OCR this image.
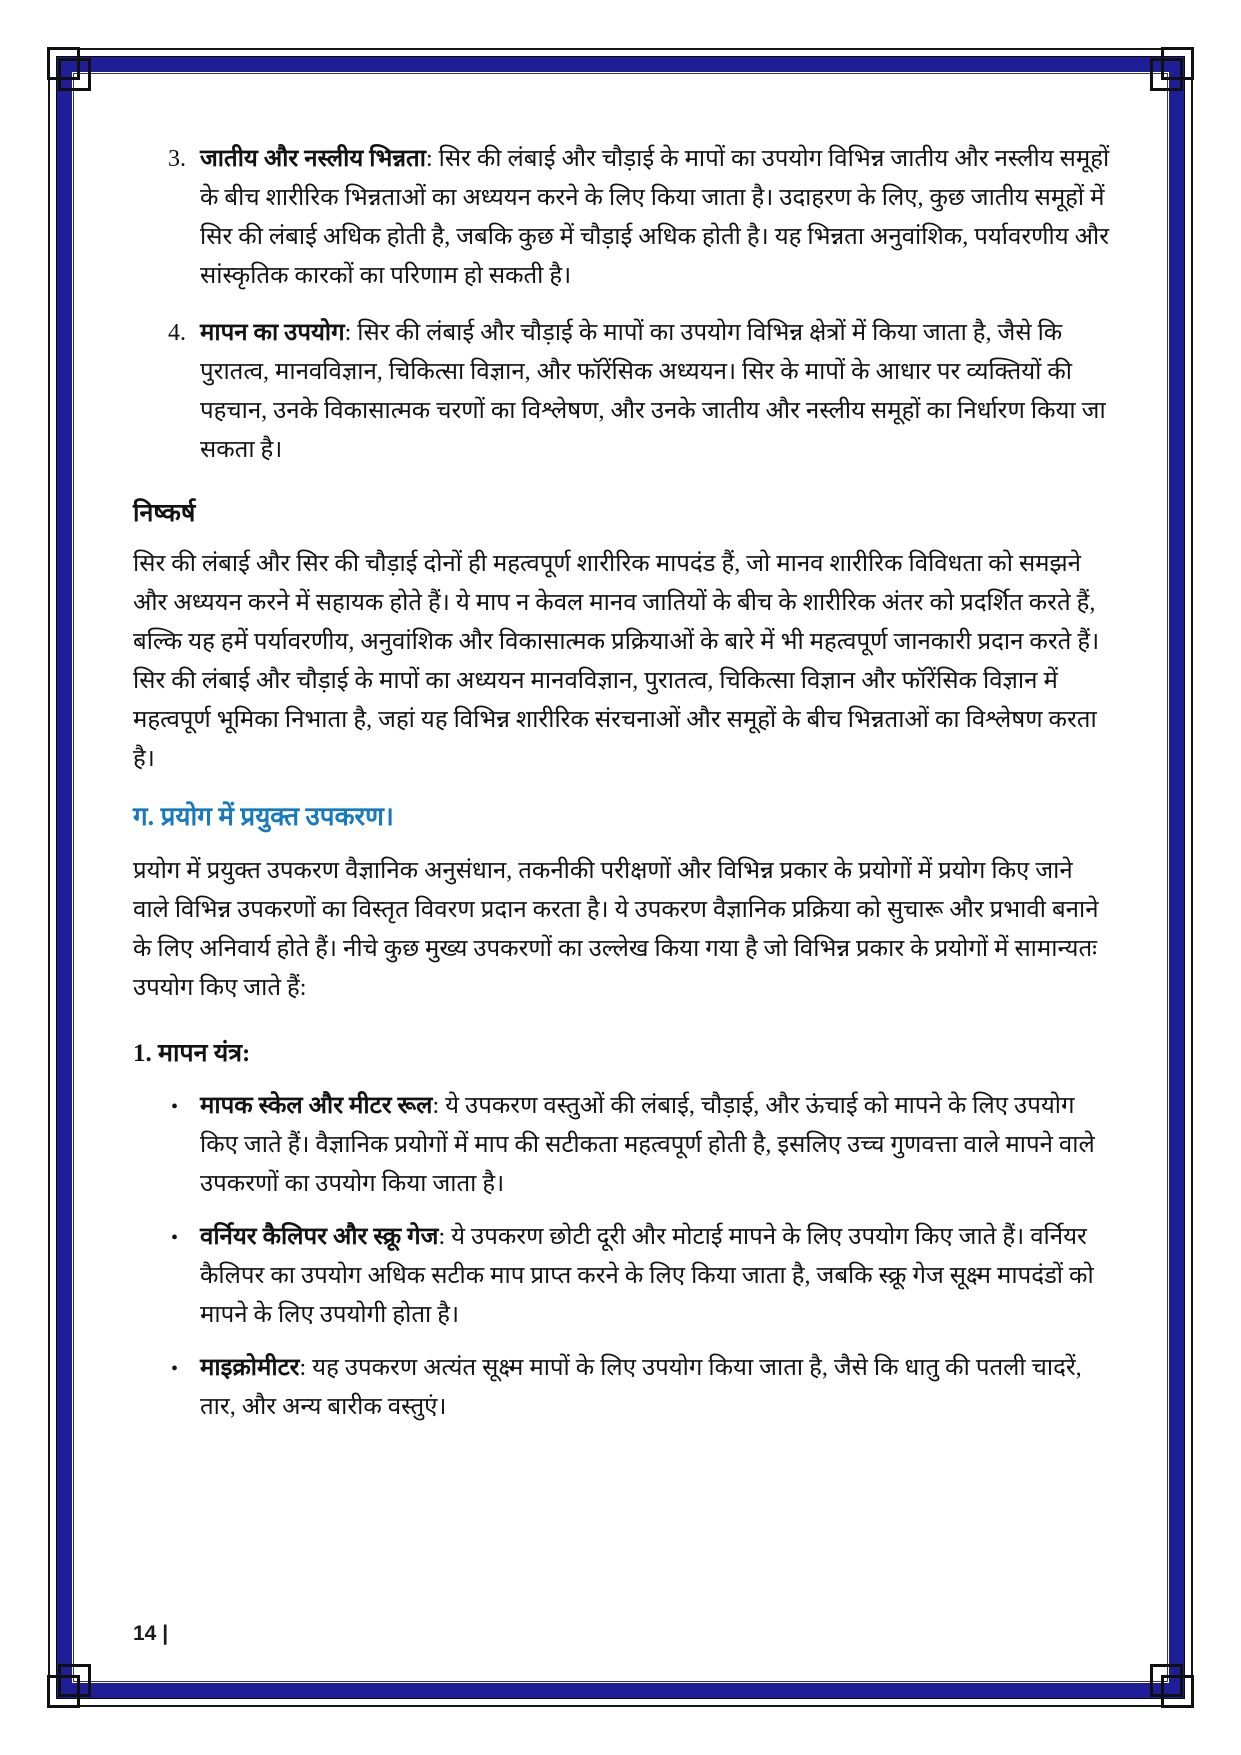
3. जातीय और नस्लीय भिन्नता: सिर की लंबाई और चौड़ाई के मापों का उपयोग विभिन्न जातीय और नस्लीय समूहों के बीच शारीरिक भिन्नताओं का अध्ययन करने के लिए किया जाता है। उदाहरण के लिए, कुछ जातीय समूहों में सिर की लंबाई अधिक होती है, जबकि कुछ में चौड़ाई अधिक होती है। यह भिन्नता अनुवांशिक, पर्यावरणीय और सांस्कृतिक कारकों का परिणाम हो सकती है।
4. मापन का उपयोग: सिर की लंबाई और चौड़ाई के मापों का उपयोग विभिन्न क्षेत्रों में किया जाता है, जैसे कि पुरातत्व, मानवविज्ञान, चिकित्सा विज्ञान, और फॉरेंसिक अध्ययन। सिर के मापों के आधार पर व्यक्तियों की पहचान, उनके विकासात्मक चरणों का विश्लेषण, और उनके जातीय और नस्लीय समूहों का निर्धारण किया जा सकता है।
निष्कर्ष
सिर की लंबाई और सिर की चौड़ाई दोनों ही महत्वपूर्ण शारीरिक मापदंड हैं, जो मानव शारीरिक विविधता को समझने और अध्ययन करने में सहायक होते हैं। ये माप न केवल मानव जातियों के बीच के शारीरिक अंतर को प्रदर्शित करते हैं, बल्कि यह हमें पर्यावरणीय, अनुवांशिक और विकासात्मक प्रक्रियाओं के बारे में भी महत्वपूर्ण जानकारी प्रदान करते हैं। सिर की लंबाई और चौड़ाई के मापों का अध्ययन मानवविज्ञान, पुरातत्व, चिकित्सा विज्ञान और फॉरेंसिक विज्ञान में महत्वपूर्ण भूमिका निभाता है, जहां यह विभिन्न शारीरिक संरचनाओं और समूहों के बीच भिन्नताओं का विश्लेषण करता है।
ग. प्रयोग में प्रयुक्त उपकरण।
प्रयोग में प्रयुक्त उपकरण वैज्ञानिक अनुसंधान, तकनीकी परीक्षणों और विभिन्न प्रकार के प्रयोगों में प्रयोग किए जाने वाले विभिन्न उपकरणों का विस्तृत विवरण प्रदान करता है। ये उपकरण वैज्ञानिक प्रक्रिया को सुचारू और प्रभावी बनाने के लिए अनिवार्य होते हैं। नीचे कुछ मुख्य उपकरणों का उल्लेख किया गया है जो विभिन्न प्रकार के प्रयोगों में सामान्यतः उपयोग किए जाते हैं:
1. मापन यंत्र:
• मापक स्केल और मीटर रूल: ये उपकरण वस्तुओं की लंबाई, चौड़ाई, और ऊंचाई को मापने के लिए उपयोग किए जाते हैं। वैज्ञानिक प्रयोगों में माप की सटीकता महत्वपूर्ण होती है, इसलिए उच्च गुणवत्ता वाले मापने वाले उपकरणों का उपयोग किया जाता है।
• वर्नियर कैलिपर और स्क्रू गेज: ये उपकरण छोटी दूरी और मोटाई मापने के लिए उपयोग किए जाते हैं। वर्नियर कैलिपर का उपयोग अधिक सटीक माप प्राप्त करने के लिए किया जाता है, जबकि स्क्रू गेज सूक्ष्म मापदंडों को मापने के लिए उपयोगी होता है।
• माइक्रोमीटर: यह उपकरण अत्यंत सूक्ष्म मापों के लिए उपयोग किया जाता है, जैसे कि धातु की पतली चादरें, तार, और अन्य बारीक वस्तुएं।
14 |
